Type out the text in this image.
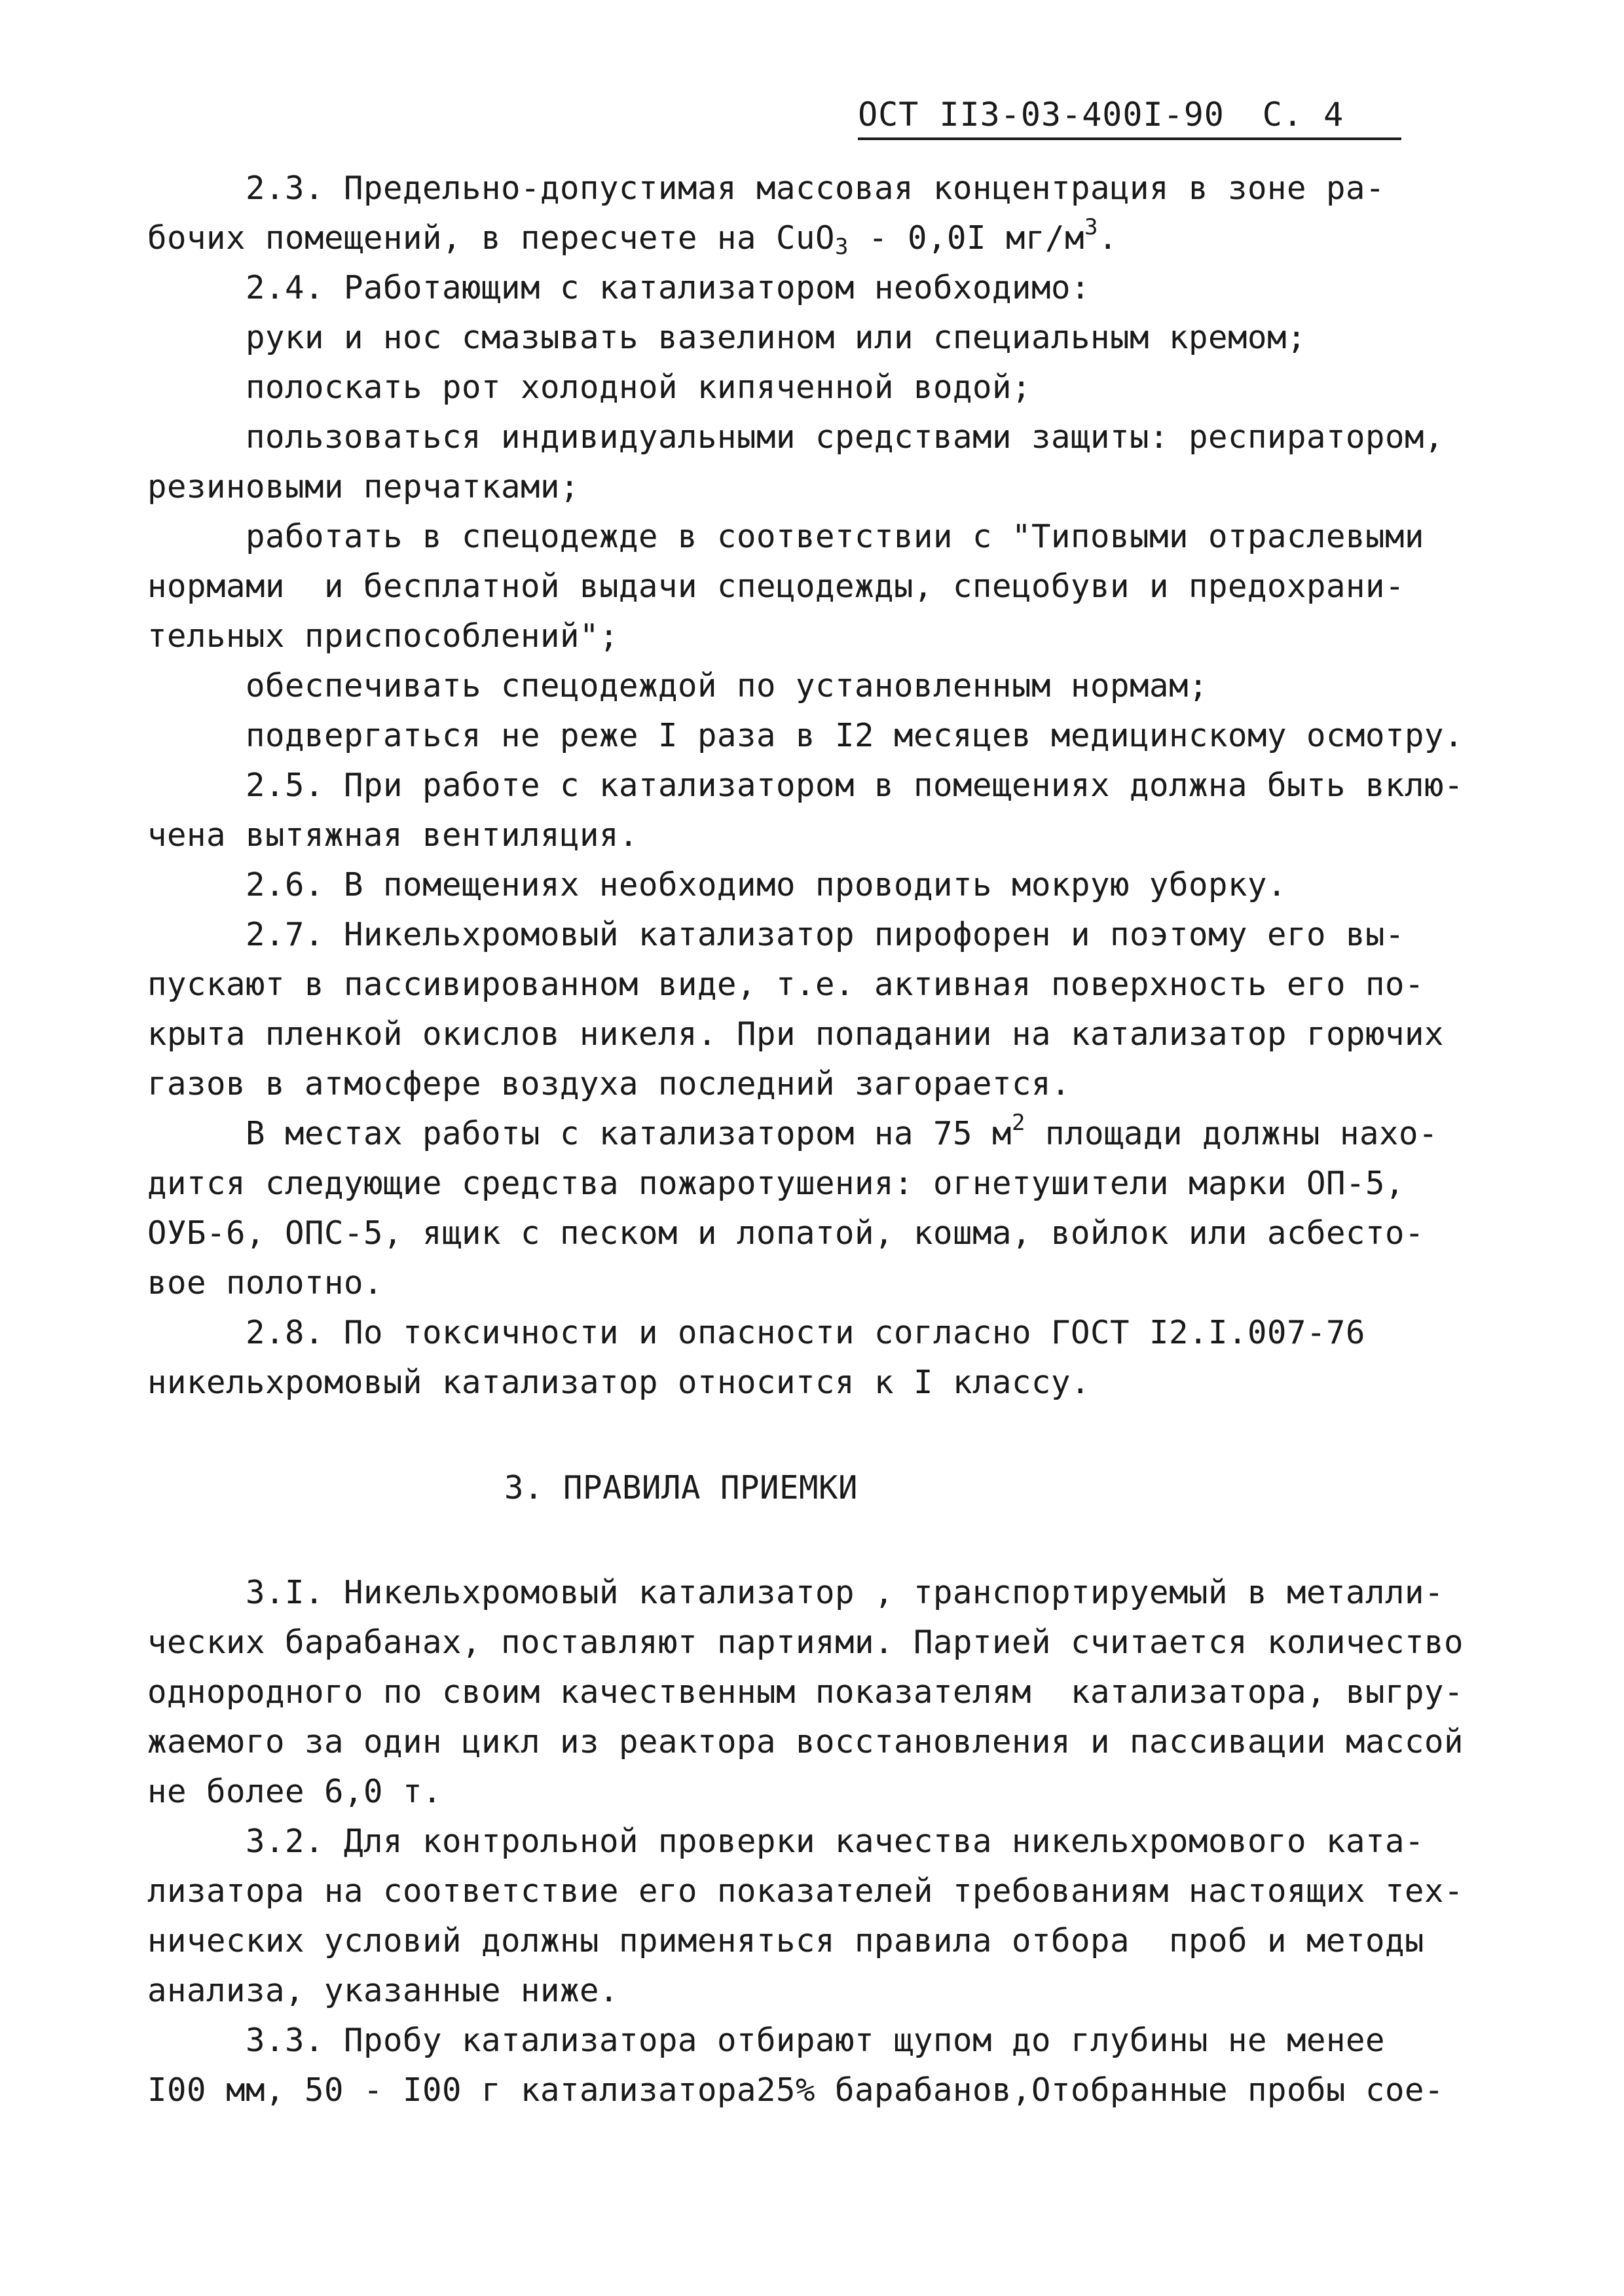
ОСТ II3-03-400I-90 С. 4
2.3. Предельно-допустимая массовая концентрация в зоне ра-
бочих помещений, в пересчете на СuO$_3$ - 0,0I $мг/м^3$.
2.4. Работающим с катализатором необходимо:
руки и нос смазывать вазелином или специальным кремом;
полоскать рот холодной кипяченной водой;
пользоваться индивидуальными средствами защиты: респиратором,
резиновыми перчатками;
работать в спецодежде в соответствии с "Типовыми отраслевыми
нормами  и бесплатной выдачи спецодежды, спецобуви и предохрани-
тельных приспособлений";
обеспечивать спецодеждой по установленным нормам;
подвергаться не реже I раза в I2 месяцев медицинскому осмотру.
2.5. При работе с катализатором в помещениях должна быть вклю-
чена вытяжная вентиляция.
2.6. В помещениях необходимо проводить мокрую уборку.
2.7. Никельхромовый катализатор пирофорен и поэтому его вы-
пускают в пассивированном виде, т.е. активная поверхность его по-
крыта пленкой окислов никеля. При попадании на катализатор горючих
газов в атмосфере воздуха последний загорается.
В местах работы с катализатором на 75 $м^2$ площади должны нахо-
дится следующие средства пожаротушения: огнетушители марки ОП-5,
ОУБ-6, ОПС-5, ящик с песком и лопатой, кошма, войлок или асбесто-
вое полотно.
2.8. По токсичности и опасности согласно ГОСТ I2.I.007-76
никельхромовый катализатор относится к I классу.
3. ПРАВИЛА ПРИЕМКИ
3.I. Никельхромовый катализатор , транспортируемый в металли-
ческих барабанах, поставляют партиями. Партией считается количество
однородного по своим качественным показателям  катализатора, выгру-
жаемого за один цикл из реактора восстановления и пассивации массой
не более 6,0 т.
3.2. Для контрольной проверки качества никельхромового ката-
лизатора на соответствие его показателей требованиям настоящих тех-
нических условий должны применяться правила отбора  проб и методы
анализа, указанные ниже.
3.3. Пробу катализатора отбирают щупом до глубины не менее
I00 мм, 50 - I00 г катализатора25% барабанов,Отобранные пробы сое-
